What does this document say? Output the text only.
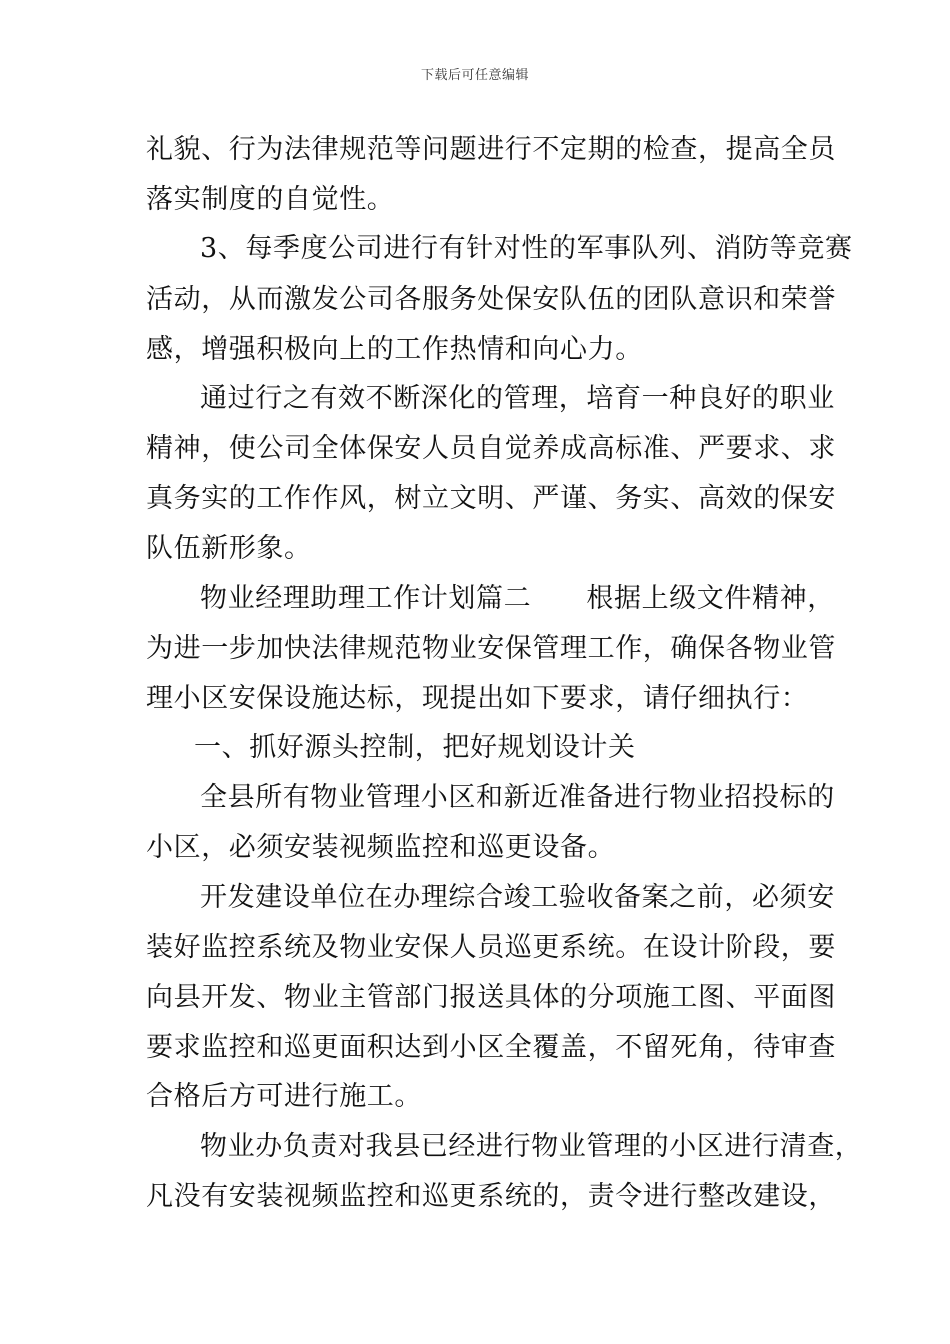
下载后可任意编辑
礼貌、行为法律规范等问题进行不定期的检查，提高全员
落实制度的自觉性。
3、每季度公司进行有针对性的军事队列、消防等竞赛
活动，从而激发公司各服务处保安队伍的团队意识和荣誉
感，增强积极向上的工作热情和向心力。
通过行之有效不断深化的管理，培育一种良好的职业
精神，使公司全体保安人员自觉养成高标准、严要求、求
真务实的工作作风，树立文明、严谨、务实、高效的保安
队伍新形象。
物业经理助理工作计划篇二　　根据上级文件精神，
为进一步加快法律规范物业安保管理工作，确保各物业管
理小区安保设施达标，现提出如下要求，请仔细执行：
一、抓好源头控制，把好规划设计关
全县所有物业管理小区和新近准备进行物业招投标的
小区，必须安装视频监控和巡更设备。
开发建设单位在办理综合竣工验收备案之前，必须安
装好监控系统及物业安保人员巡更系统。在设计阶段，要
向县开发、物业主管部门报送具体的分项施工图、平面图
要求监控和巡更面积达到小区全覆盖，不留死角，待审查
合格后方可进行施工。
物业办负责对我县已经进行物业管理的小区进行清查，
凡没有安装视频监控和巡更系统的，责令进行整改建设，
